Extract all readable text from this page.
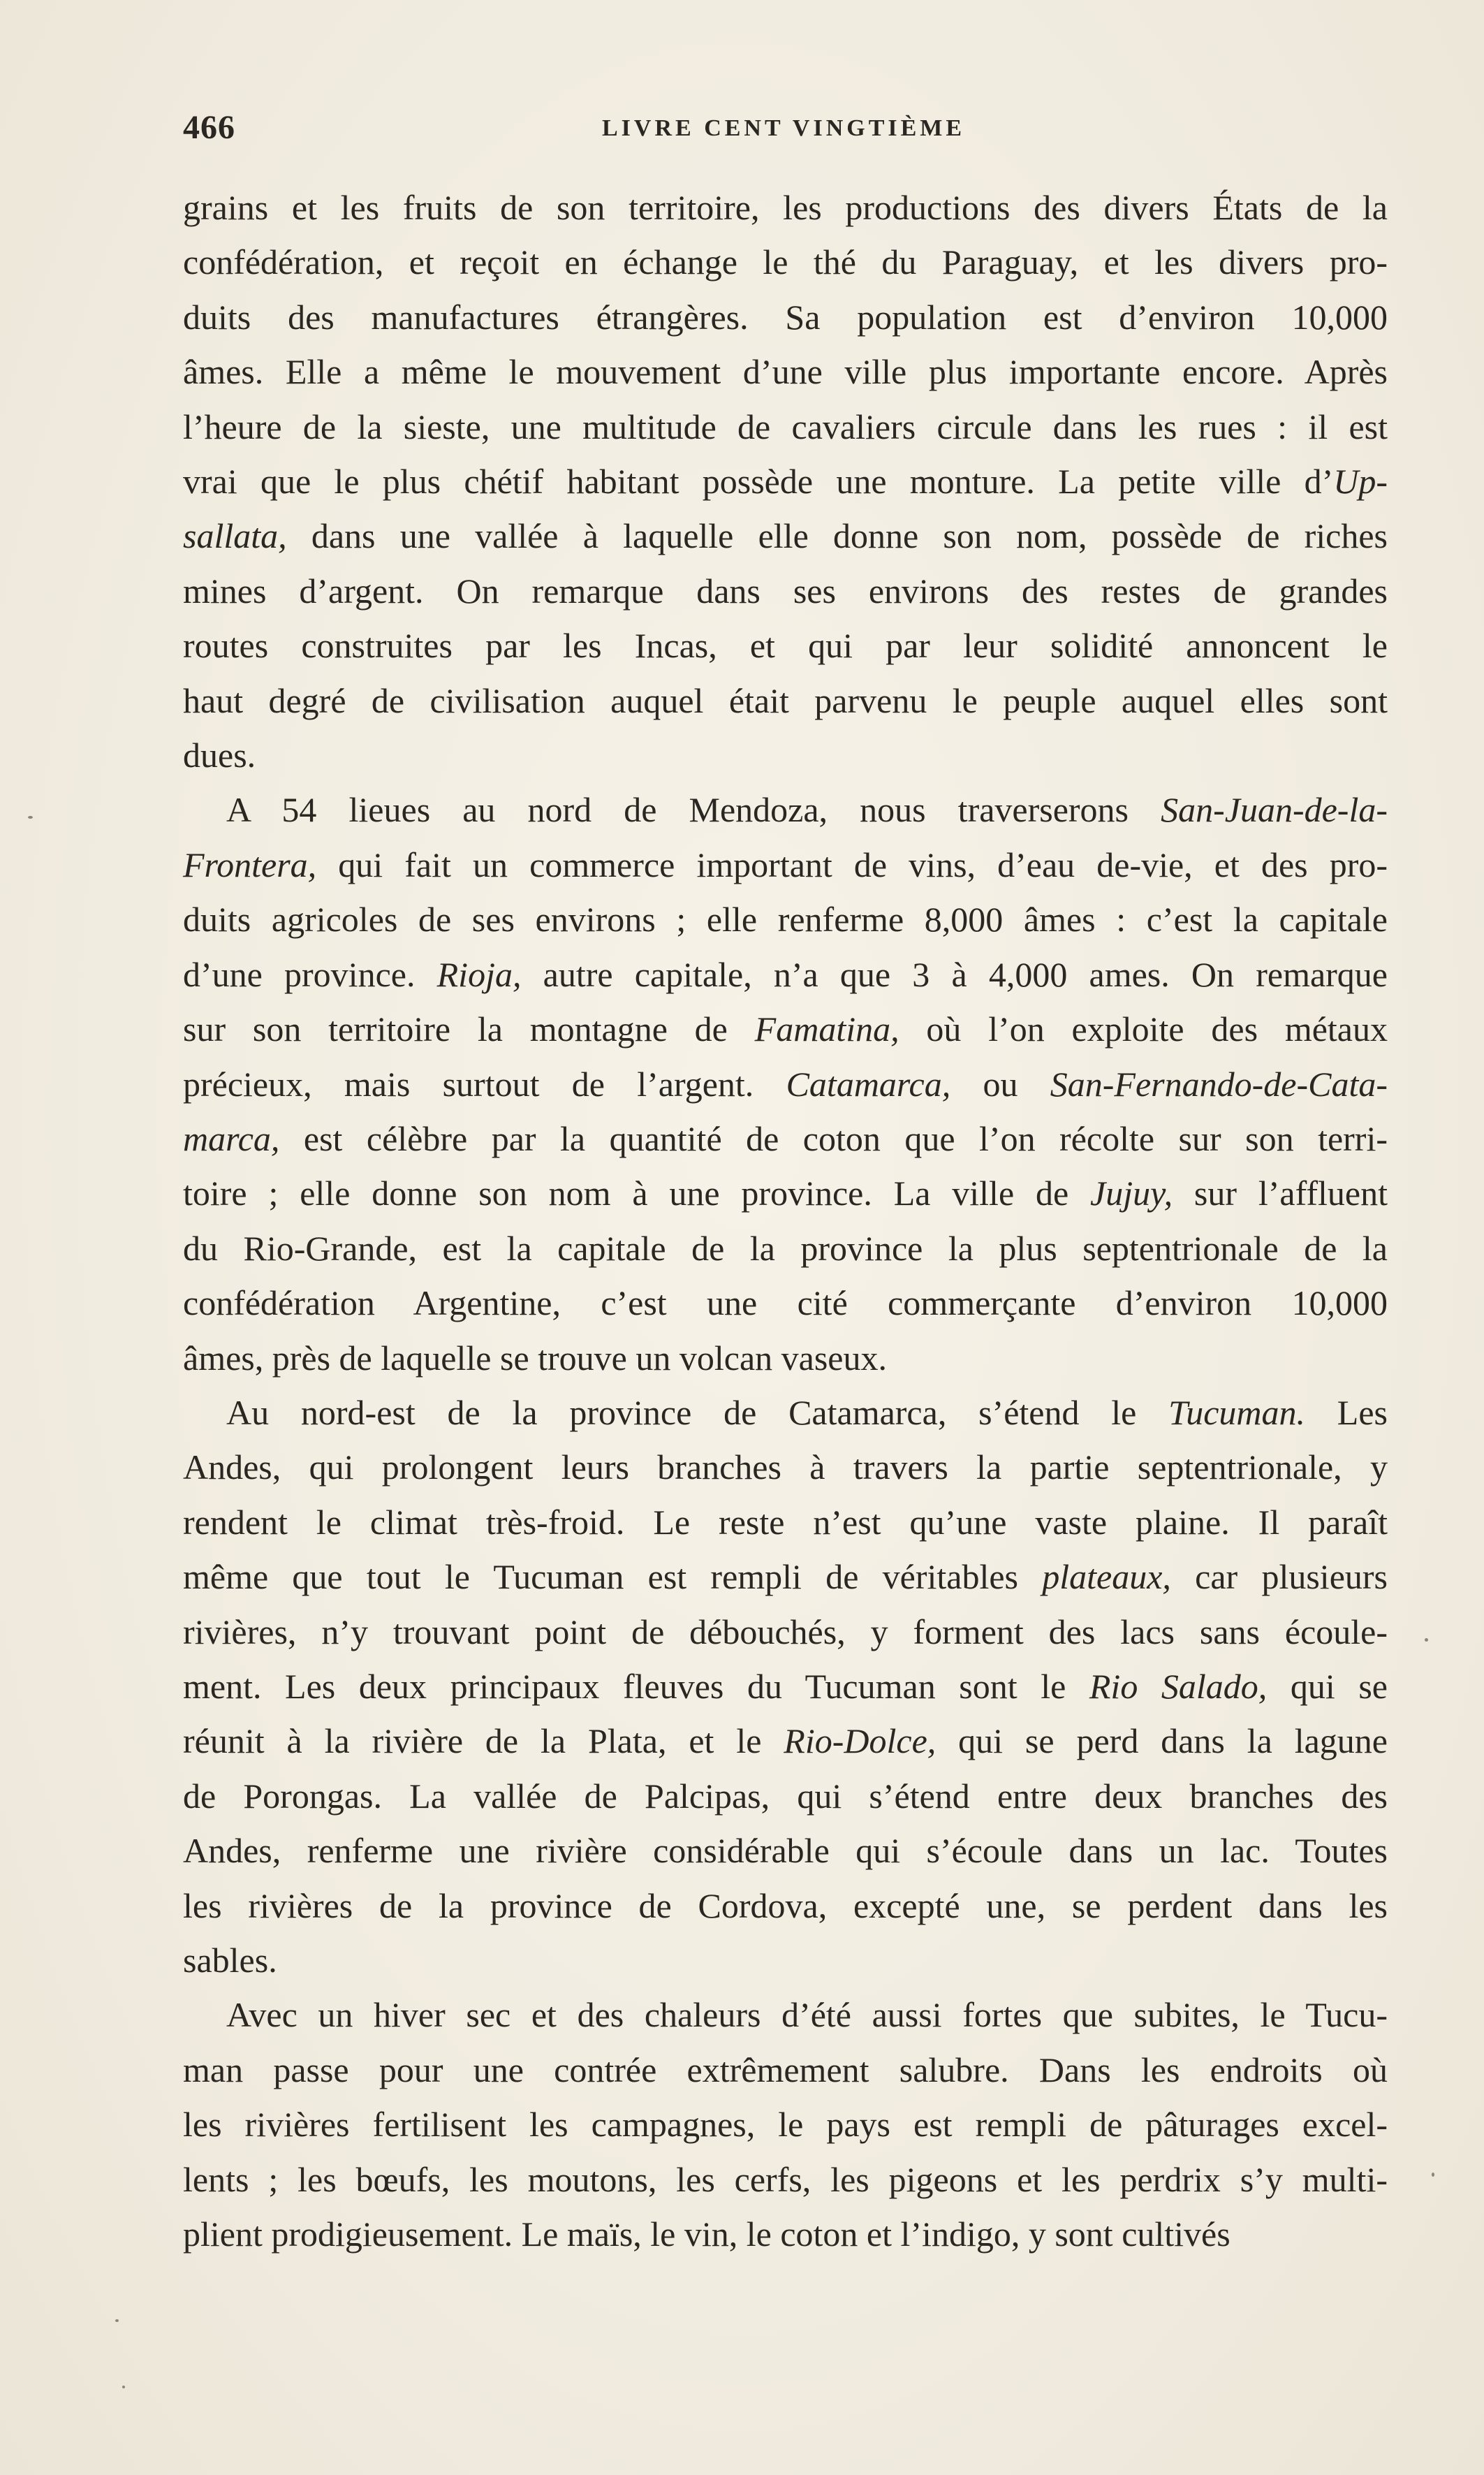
466	LIVRE CENT VINGTIÈME

grains et les fruits de son territoire, les productions des divers États de la
confédération, et reçoit en échange le thé du Paraguay, et les divers pro-
duits des manufactures étrangères. Sa population est d’environ 10,000
âmes. Elle a même le mouvement d’une ville plus importante encore. Après
l’heure de la sieste, une multitude de cavaliers circule dans les rues : il est
vrai que le plus chétif habitant possède une monture. La petite ville d’Up-
sallata, dans une vallée à laquelle elle donne son nom, possède de riches
mines d’argent. On remarque dans ses environs des restes de grandes
routes construites par les Incas, et qui par leur solidité annoncent le
haut degré de civilisation auquel était parvenu le peuple auquel elles sont
dues.

A 54 lieues au nord de Mendoza, nous traverserons San-Juan-de-la-
Frontera, qui fait un commerce important de vins, d’eau de-vie, et des pro-
duits agricoles de ses environs ; elle renferme 8,000 âmes : c’est la capitale
d’une province. Rioja, autre capitale, n’a que 3 à 4,000 ames. On remarque
sur son territoire la montagne de Famatina, où l’on exploite des métaux
précieux, mais surtout de l’argent. Catamarca, ou San-Fernando-de-Cata-
marca, est célèbre par la quantité de coton que l’on récolte sur son terri-
toire ; elle donne son nom à une province. La ville de Jujuy, sur l’affluent
du Rio-Grande, est la capitale de la province la plus septentrionale de la
confédération Argentine, c’est une cité commerçante d’environ 10,000
âmes, près de laquelle se trouve un volcan vaseux.

Au nord-est de la province de Catamarca, s’étend le Tucuman. Les
Andes, qui prolongent leurs branches à travers la partie septentrionale, y
rendent le climat très-froid. Le reste n’est qu’une vaste plaine. Il paraît
même que tout le Tucuman est rempli de véritables plateaux, car plusieurs
rivières, n’y trouvant point de débouchés, y forment des lacs sans écoule-
ment. Les deux principaux fleuves du Tucuman sont le Rio Salado, qui se
réunit à la rivière de la Plata, et le Rio-Dolce, qui se perd dans la lagune
de Porongas. La vallée de Palcipas, qui s’étend entre deux branches des
Andes, renferme une rivière considérable qui s’écoule dans un lac. Toutes
les rivières de la province de Cordova, excepté une, se perdent dans les
sables.

Avec un hiver sec et des chaleurs d’été aussi fortes que subites, le Tucu-
man passe pour une contrée extrêmement salubre. Dans les endroits où
les rivières fertilisent les campagnes, le pays est rempli de pâturages excel-
lents ; les bœufs, les moutons, les cerfs, les pigeons et les perdrix s’y multi-
plient prodigieusement. Le maïs, le vin, le coton et l’indigo, y sont cultivés
